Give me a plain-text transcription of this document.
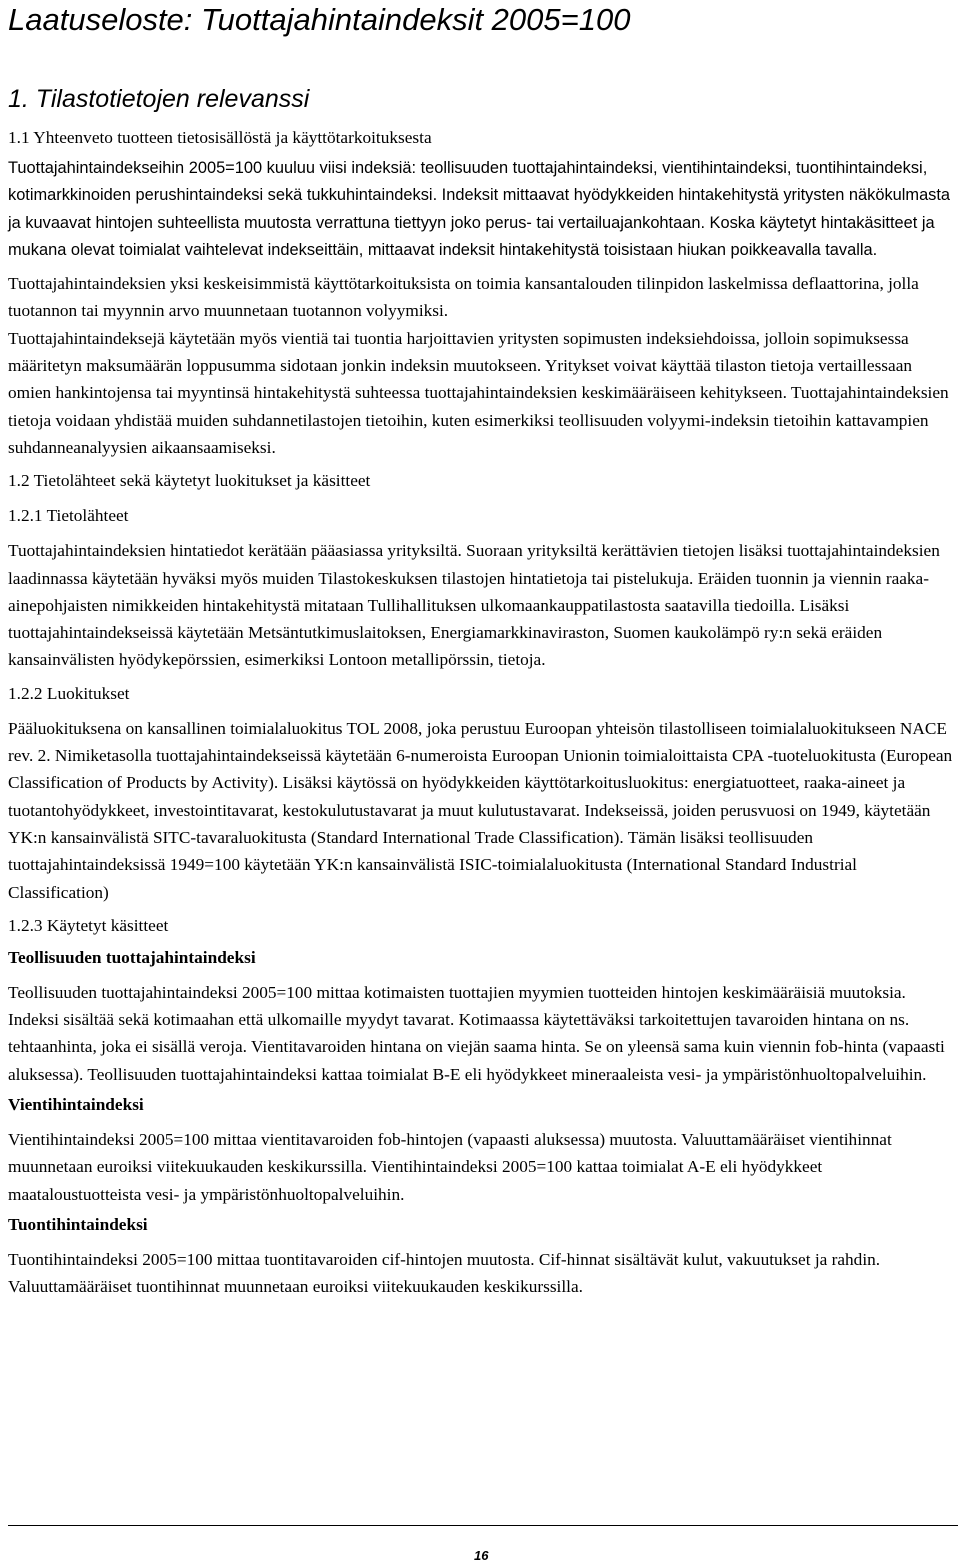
Laatuseloste: Tuottajahintaindeksit 2005=100
1. Tilastotietojen relevanssi

1.1 Yhteenveto tuotteen tietosisällöstä ja käyttötarkoituksesta

Tuottajahintaindekseihin 2005=100 kuuluu viisi indeksiä: teollisuuden tuottajahintaindeksi, vientihintaindeksi, tuontihintaindeksi, kotimarkkinoiden perushintaindeksi sekä tukkuhintaindeksi. Indeksit mittaavat hyödykkeiden hintakehitystä yritysten näkökulmasta ja kuvaavat hintojen suhteellista muutosta verrattuna tiettyyn joko perus- tai vertailuajankohtaan. Koska käytetyt hintakäsitteet ja mukana olevat toimialat vaihtelevat indekseittäin, mittaavat indeksit hintakehitystä toisistaan hiukan poikkeavalla tavalla.

Tuottajahintaindeksien yksi keskeisimmistä käyttötarkoituksista on toimia kansantalouden tilinpidon laskelmissa deflaattorina, jolla tuotannon tai myynnin arvo muunnetaan tuotannon volyymiksi.

Tuottajahintaindeksejä käytetään myös vientiä tai tuontia harjoittavien yritysten sopimusten indeksiehdoissa, jolloin sopimuksessa määritetyn maksumäärän loppusumma sidotaan jonkin indeksin muutokseen. Yritykset voivat käyttää tilaston tietoja vertaillessaan omien hankintojensa tai myyntinsä hintakehitystä suhteessa tuottajahintaindeksien keskimääräiseen kehitykseen. Tuottajahintaindeksien tietoja voidaan yhdistää muiden suhdannetilastojen tietoihin, kuten esimerkiksi teollisuuden volyymi-indeksin tietoihin kattavampien suhdanneanalyysien aikaansaamiseksi.

1.2 Tietolähteet sekä käytetyt luokitukset ja käsitteet

1.2.1 Tietolähteet

Tuottajahintaindeksien hintatiedot kerätään pääasiassa yrityksiltä. Suoraan yrityksiltä kerättävien tietojen lisäksi tuottajahintaindeksien laadinnassa käytetään hyväksi myös muiden Tilastokeskuksen tilastojen hintatietoja tai pistelukuja. Eräiden tuonnin ja viennin raaka-ainepohjaisten nimikkeiden hintakehitystä mitataan Tullihallituksen ulkomaankauppatilastosta saatavilla tiedoilla. Lisäksi tuottajahintaindekseissä käytetään Metsäntutkimuslaitoksen, Energiamarkkinaviraston, Suomen kaukolämpö ry:n sekä eräiden kansainvälisten hyödykepörssien, esimerkiksi Lontoon metallipörssin, tietoja.

1.2.2 Luokitukset

Pääluokituksena on kansallinen toimialaluokitus TOL 2008, joka perustuu Euroopan yhteisön tilastolliseen toimialaluokitukseen NACE rev. 2. Nimiketasolla tuottajahintaindekseissä käytetään 6-numeroista Euroopan Unionin toimialoittaista CPA -tuoteluokitusta (European Classification of Products by Activity). Lisäksi käytössä on hyödykkeiden käyttötarkoitusluokitus: energiatuotteet, raaka-aineet ja tuotantohyödykkeet, investointitavarat, kestokulutustavarat ja muut kulutustavarat. Indekseissä, joiden perusvuosi on 1949, käytetään YK:n kansainvälistä SITC-tavaraluokitusta (Standard International Trade Classification). Tämän lisäksi teollisuuden tuottajahintaindeksissä 1949=100 käytetään YK:n kansainvälistä ISIC-toimialaluokitusta (International Standard Industrial Classification)

1.2.3 Käytetyt käsitteet

Teollisuuden tuottajahintaindeksi

Teollisuuden tuottajahintaindeksi 2005=100 mittaa kotimaisten tuottajien myymien tuotteiden hintojen keskimääräisiä muutoksia. Indeksi sisältää sekä kotimaahan että ulkomaille myydyt tavarat. Kotimaassa käytettäväksi tarkoitettujen tavaroiden hintana on ns. tehtaanhinta, joka ei sisällä veroja. Vientitavaroiden hintana on viejän saama hinta. Se on yleensä sama kuin viennin fob-hinta (vapaasti aluksessa). Teollisuuden tuottajahintaindeksi kattaa toimialat B-E eli hyödykkeet mineraaleista vesi- ja ympäristönhuoltopalveluihin.

Vientihintaindeksi

Vientihintaindeksi 2005=100 mittaa vientitavaroiden fob-hintojen (vapaasti aluksessa) muutosta. Valuuttamääräiset vientihinnat muunnetaan euroiksi viitekuukauden keskikurssilla. Vientihintaindeksi 2005=100 kattaa toimialat A-E eli hyödykkeet maataloustuotteista vesi- ja ympäristönhuoltopalveluihin.

Tuontihintaindeksi

Tuontihintaindeksi 2005=100 mittaa tuontitavaroiden cif-hintojen muutosta. Cif-hinnat sisältävät kulut, vakuutukset ja rahdin. Valuuttamääräiset tuontihinnat muunnetaan euroiksi viitekuukauden keskikurssilla.

16
